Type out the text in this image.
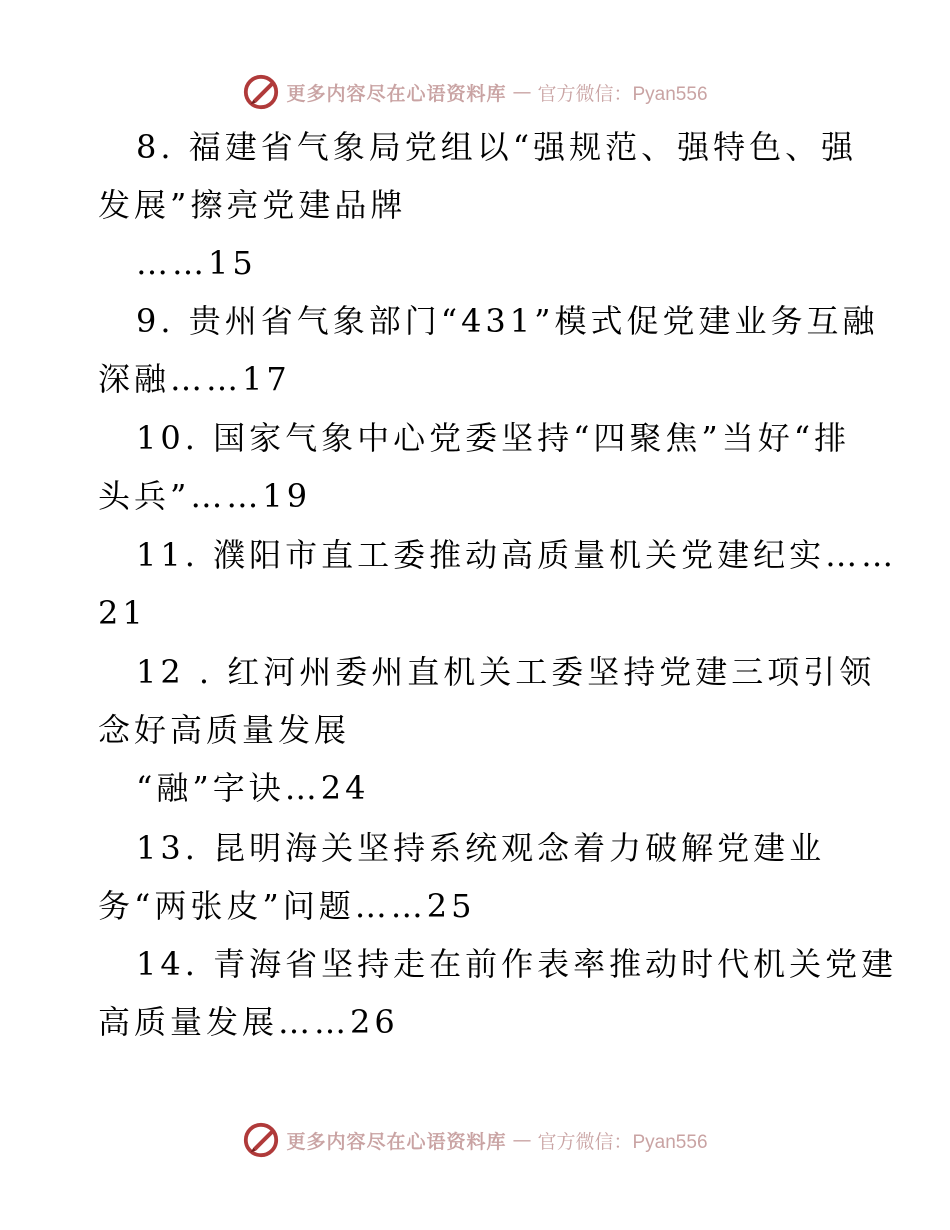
更多内容尽在心语资料库 — 官方微信：Pyan556
8. 福建省气象局党组以“强规范、强特色、强
发展”擦亮党建品牌
……15
9. 贵州省气象部门“431”模式促党建业务互融
深融……17
10. 国家气象中心党委坚持“四聚焦”当好“排
头兵”……19
11. 濮阳市直工委推动高质量机关党建纪实……
21
12 . 红河州委州直机关工委坚持党建三项引领
念好高质量发展
“融”字诀…24
13. 昆明海关坚持系统观念着力破解党建业
务“两张皮”问题……25
14. 青海省坚持走在前作表率推动时代机关党建
高质量发展……26
更多内容尽在心语资料库 — 官方微信：Pyan556
